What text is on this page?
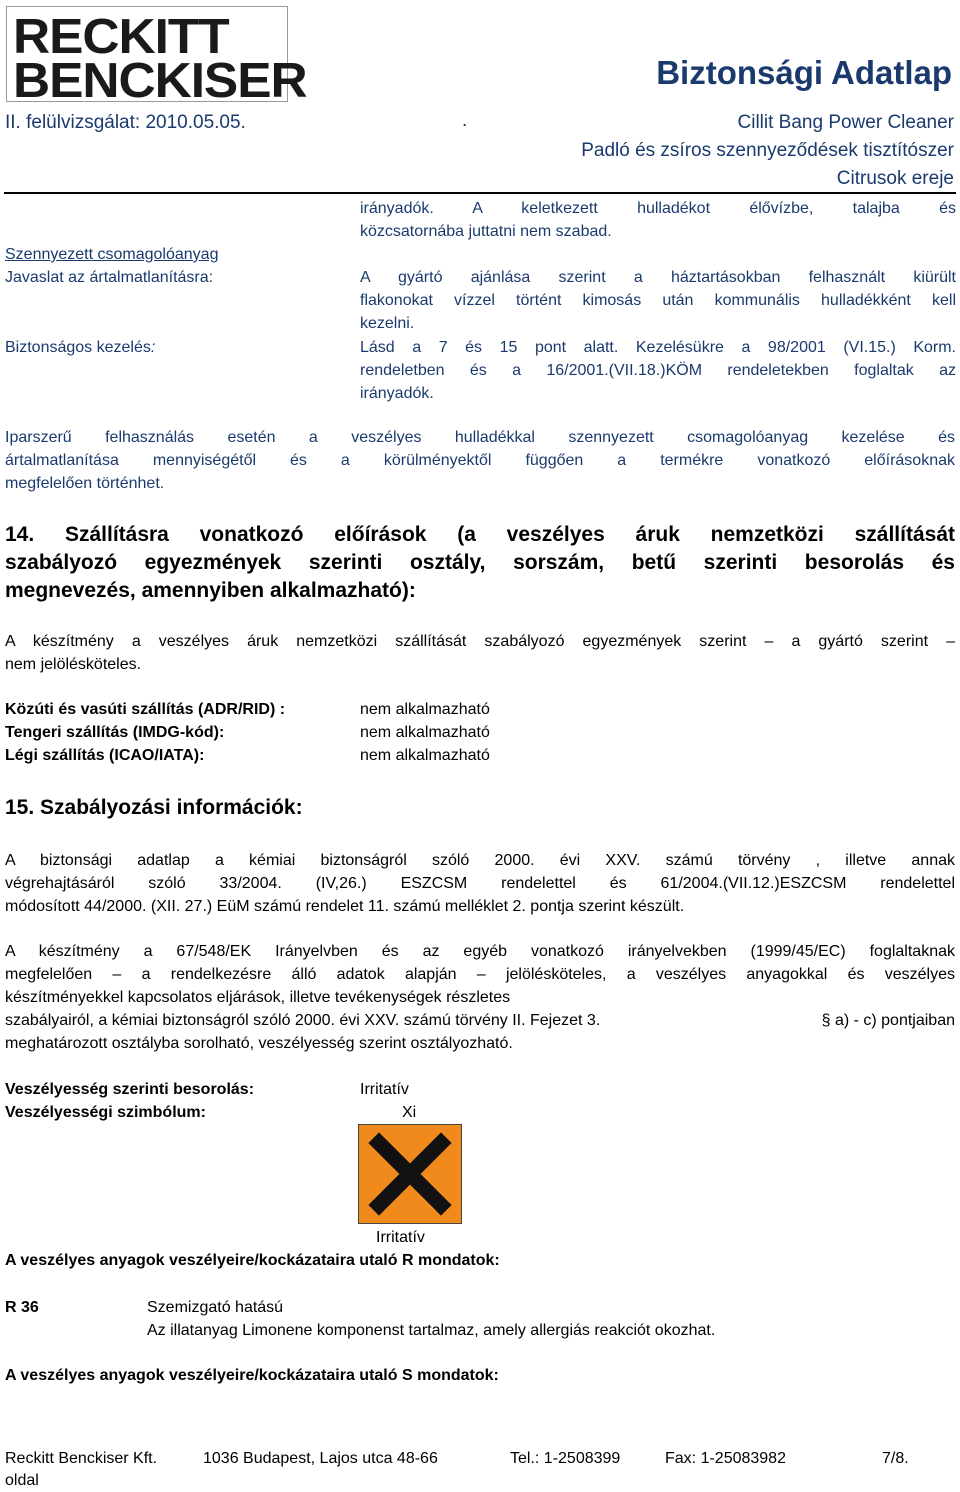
RECKITT
BENCKISER	Biztonsági Adatlap
II. felülvizsgálat: 2010.05.05.	.	Cillit Bang Power Cleaner
Padló és zsíros szennyeződések tisztítószer
Citrusok ereje
irányadók. A keletkezett hulladékot élővízbe, talajba és
közcsatornába juttatni nem szabad.
Szennyezett csomagolóanyag
Javaslat az ártalmatlanításra:	A gyártó ajánlása szerint a háztartásokban felhasznált kiürült
flakonokat vízzel történt kimosás után kommunális hulladékként kell
kezelni.
Biztonságos kezelés:	Lásd a 7 és 15 pont alatt. Kezelésükre a 98/2001 (VI.15.) Korm.
rendeletben és a 16/2001.(VII.18.)KÖM rendeletekben foglaltak az
irányadók.
Iparszerű felhasználás esetén a veszélyes hulladékkal szennyezett csomagolóanyag kezelése és
ártalmatlanítása mennyiségétől és a körülményektől függően a termékre vonatkozó előírásoknak
megfelelően történhet.
14. Szállításra vonatkozó előírások (a veszélyes áruk nemzetközi szállítását
szabályozó egyezmények szerinti osztály, sorszám, betű szerinti besorolás és
megnevezés, amennyiben alkalmazható):
A készítmény a veszélyes áruk nemzetközi szállítását szabályozó egyezmények szerint – a gyártó szerint –
nem jelölésköteles.
Közúti és vasúti szállítás (ADR/RID) :	nem alkalmazható
Tengeri szállítás (IMDG-kód):	nem alkalmazható
Légi szállítás (ICAO/IATA):	nem alkalmazható
15. Szabályozási információk:
A biztonsági adatlap a kémiai biztonságról szóló 2000. évi XXV. számú törvény , illetve annak
végrehajtásáról szóló 33/2004. (IV,26.) ESZCSM rendelettel és 61/2004.(VII.12.)ESZCSM rendelettel
módosított 44/2000. (XII. 27.) EüM számú rendelet 11. számú melléklet 2. pontja szerint készült.
A készítmény a 67/548/EK Irányelvben és az egyéb vonatkozó irányelvekben (1999/45/EC) foglaltaknak
megfelelően – a rendelkezésre álló adatok alapján – jelölésköteles, a veszélyes anyagokkal és veszélyes
készítményekkel kapcsolatos eljárások, illetve tevékenységek részletes
szabályairól, a kémiai biztonságról szóló 2000. évi XXV. számú törvény II. Fejezet 3.	§ a) - c) pontjaiban
meghatározott osztályba sorolható, veszélyesség szerint osztályozható.
Veszélyesség szerinti besorolás:	Irritatív
Veszélyességi szimbólum:	Xi
Irritatív
A veszélyes anyagok veszélyeire/kockázataira utaló R mondatok:
R 36	Szemizgató hatású
Az illatanyag Limonene komponenst tartalmaz, amely allergiás reakciót okozhat.
A veszélyes anyagok veszélyeire/kockázataira utaló S mondatok:
Reckitt Benckiser Kft.	1036 Budapest, Lajos utca 48-66	Tel.: 1-2508399	Fax: 1-25083982	7/8.
oldal
